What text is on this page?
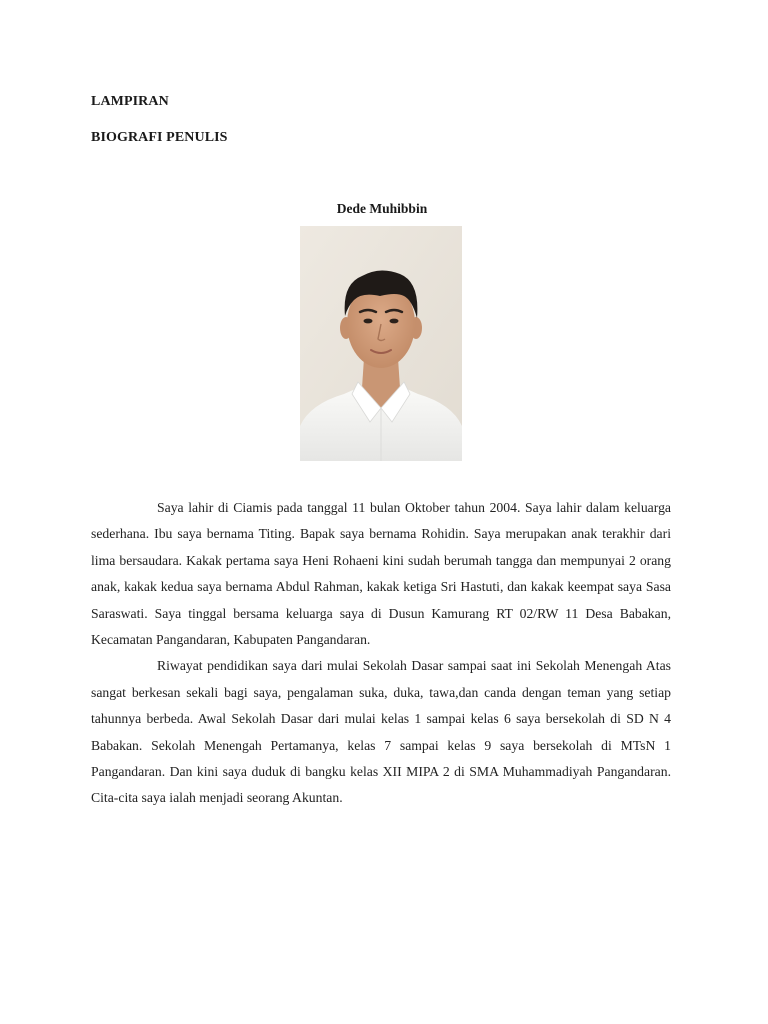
LAMPIRAN
BIOGRAFI PENULIS
Dede Muhibbin

Saya lahir di Ciamis pada tanggal 11 bulan Oktober tahun 2004. Saya lahir dalam keluarga sederhana. Ibu saya bernama Titing. Bapak saya bernama Rohidin. Saya merupakan anak terakhir dari lima bersaudara. Kakak pertama saya Heni Rohaeni kini sudah berumah tangga dan mempunyai 2 orang anak, kakak kedua saya bernama Abdul Rahman, kakak ketiga Sri Hastuti, dan kakak keempat saya Sasa Saraswati. Saya tinggal bersama keluarga saya di Dusun Kamurang RT 02/RW 11 Desa Babakan, Kecamatan Pangandaran, Kabupaten Pangandaran.

Riwayat pendidikan saya dari mulai Sekolah Dasar sampai saat ini Sekolah Menengah Atas sangat berkesan sekali bagi saya, pengalaman suka, duka, tawa,dan canda dengan teman yang setiap tahunnya berbeda. Awal Sekolah Dasar dari mulai kelas 1 sampai kelas 6 saya bersekolah di SD N 4 Babakan. Sekolah Menengah Pertamanya, kelas 7 sampai kelas 9 saya bersekolah di MTsN 1 Pangandaran. Dan kini saya duduk di bangku kelas XII MIPA 2 di SMA Muhammadiyah Pangandaran. Cita-cita saya ialah menjadi seorang Akuntan.
